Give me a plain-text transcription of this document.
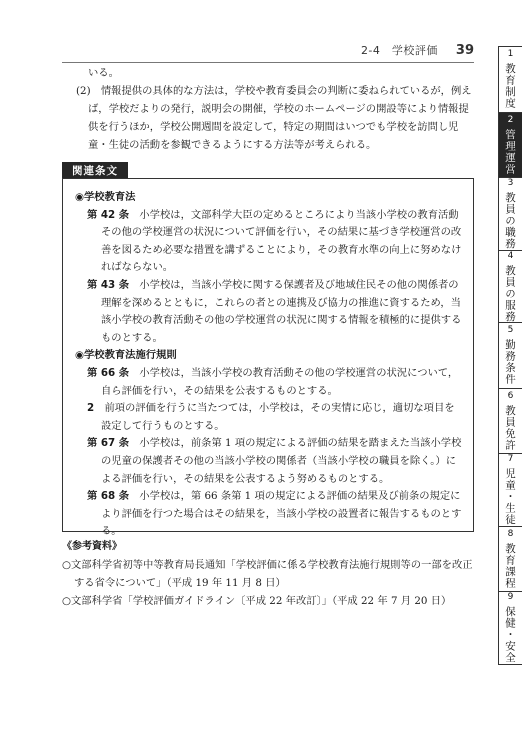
2-4　学校評価 39

いる。

(2)　情報提供の具体的な方法は，学校や教育委員会の判断に委ねられているが，例えば，学校だよりの発行，説明会の開催，学校のホームページの開設等により情報提供を行うほか，学校公開週間を設定して，特定の期間はいつでも学校を訪問し児童・生徒の活動を参観できるようにする方法等が考えられる。

関連条文

◉学校教育法

第 42 条　小学校は，文部科学大臣の定めるところにより当該小学校の教育活動その他の学校運営の状況について評価を行い，その結果に基づき学校運営の改善を図るため必要な措置を講ずることにより，その教育水準の向上に努めなければならない。

第 43 条　小学校は，当該小学校に関する保護者及び地域住民その他の関係者の理解を深めるとともに，これらの者との連携及び協力の推進に資するため，当該小学校の教育活動その他の学校運営の状況に関する情報を積極的に提供するものとする。

◉学校教育法施行規則

第 66 条　小学校は，当該小学校の教育活動その他の学校運営の状況について，自ら評価を行い，その結果を公表するものとする。

2　前項の評価を行うに当たつては，小学校は，その実情に応じ，適切な項目を設定して行うものとする。

第 67 条　小学校は，前条第 1 項の規定による評価の結果を踏まえた当該小学校の児童の保護者その他の当該小学校の関係者（当該小学校の職員を除く。）による評価を行い，その結果を公表するよう努めるものとする。

第 68 条　小学校は，第 66 条第 1 項の規定による評価の結果及び前条の規定により評価を行つた場合はその結果を，当該小学校の設置者に報告するものとする。

《参考資料》

○文部科学省初等中等教育局長通知「学校評価に係る学校教育法施行規則等の一部を改正する省令について」（平成 19 年 11 月 8 日）

○文部科学省「学校評価ガイドライン〔平成 22 年改訂〕」（平成 22 年 7 月 20 日）

1
教育制度
2
管理運営
3
教員の職務
4
教員の服務
5
勤務条件
6
教員免許
7
児童・生徒
8
教育課程
9
保健・安全
